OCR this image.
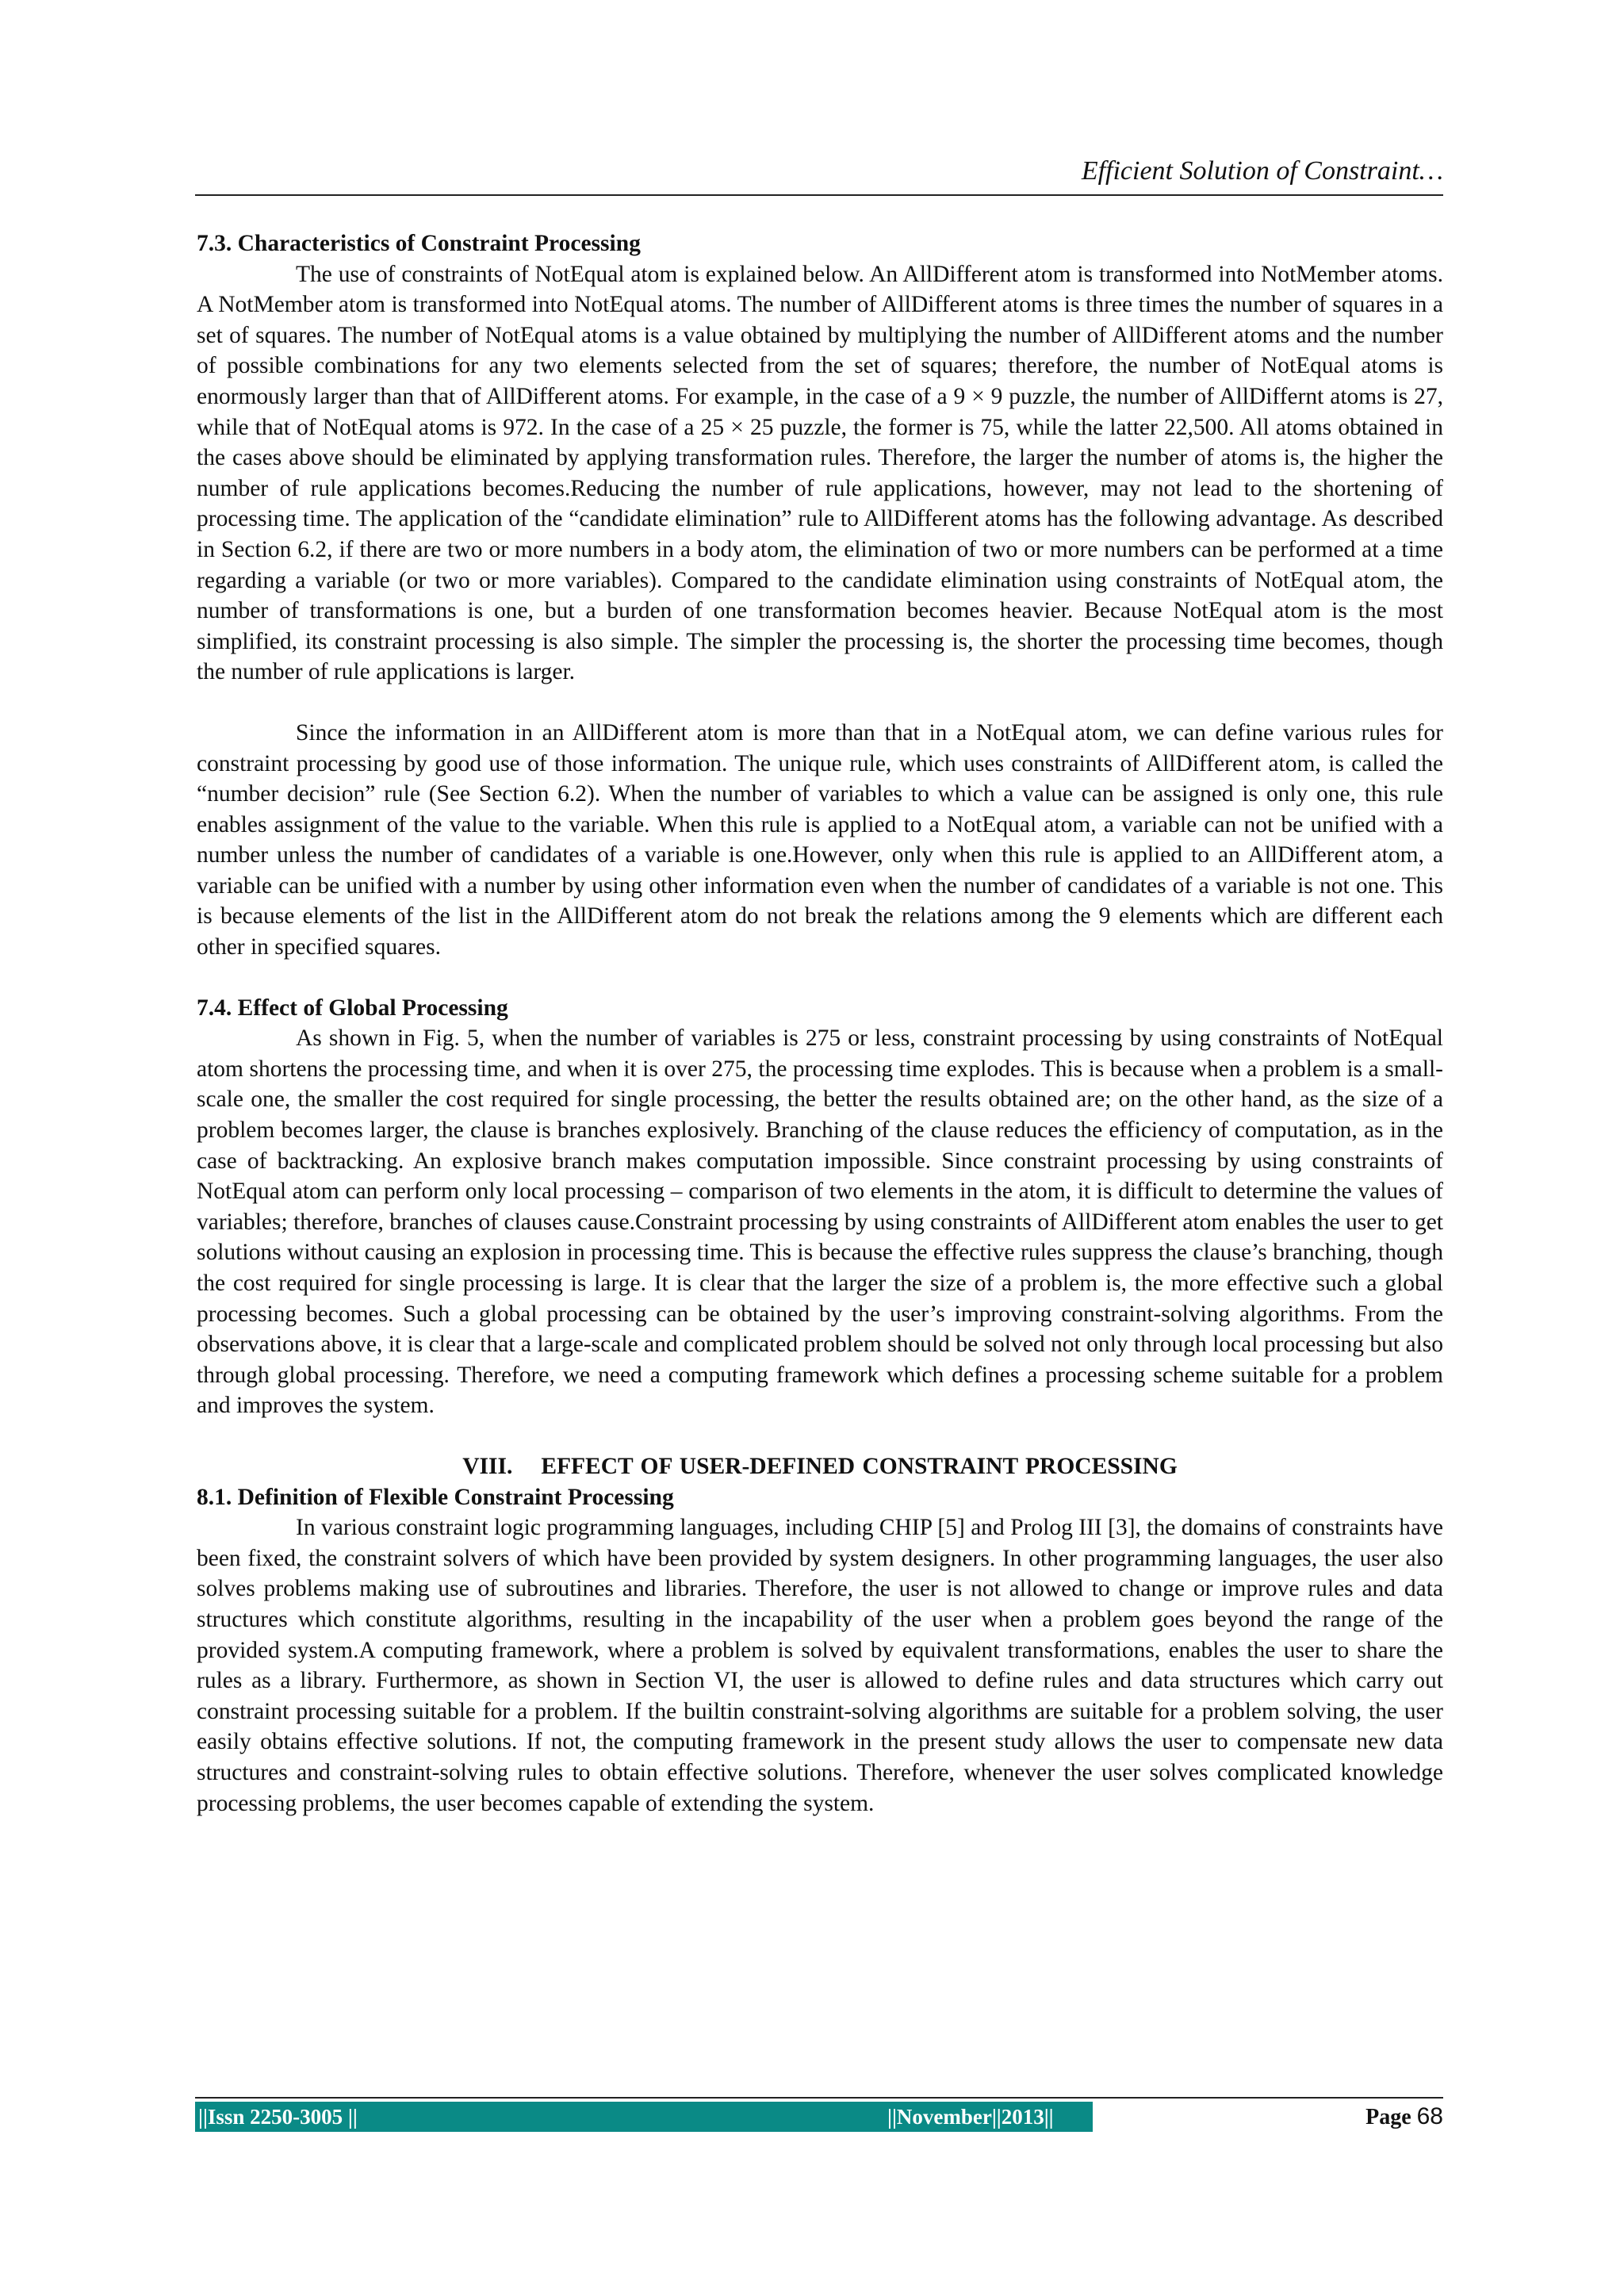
Efficient Solution of Constraint…
7.3. Characteristics of Constraint Processing

The use of constraints of NotEqual atom is explained below. An AllDifferent atom is transformed into NotMember atoms. A NotMember atom is transformed into NotEqual atoms. The number of AllDifferent atoms is three times the number of squares in a set of squares. The number of NotEqual atoms is a value obtained by multiplying the number of AllDifferent atoms and the number of possible combinations for any two elements selected from the set of squares; therefore, the number of NotEqual atoms is enormously larger than that of AllDifferent atoms. For example, in the case of a 9 × 9 puzzle, the number of AllDiffernt atoms is 27, while that of NotEqual atoms is 972. In the case of a 25 × 25 puzzle, the former is 75, while the latter 22,500. All atoms obtained in the cases above should be eliminated by applying transformation rules. Therefore, the larger the number of atoms is, the higher the number of rule applications becomes.Reducing the number of rule applications, however, may not lead to the shortening of processing time. The application of the “candidate elimination” rule to AllDifferent atoms has the following advantage. As described in Section 6.2, if there are two or more numbers in a body atom, the elimination of two or more numbers can be performed at a time regarding a variable (or two or more variables). Compared to the candidate elimination using constraints of NotEqual atom, the number of transformations is one, but a burden of one transformation becomes heavier. Because NotEqual atom is the most simplified, its constraint processing is also simple. The simpler the processing is, the shorter the processing time becomes, though the number of rule applications is larger.

Since the information in an AllDifferent atom is more than that in a NotEqual atom, we can define various rules for constraint processing by good use of those information. The unique rule, which uses constraints of AllDifferent atom, is called the “number decision” rule (See Section 6.2). When the number of variables to which a value can be assigned is only one, this rule enables assignment of the value to the variable. When this rule is applied to a NotEqual atom, a variable can not be unified with a number unless the number of candidates of a variable is one.However, only when this rule is applied to an AllDifferent atom, a variable can be unified with a number by using other information even when the number of candidates of a variable is not one. This is because elements of the list in the AllDifferent atom do not break the relations among the 9 elements which are different each other in specified squares.

7.4. Effect of Global Processing

As shown in Fig. 5, when the number of variables is 275 or less, constraint processing by using constraints of NotEqual atom shortens the processing time, and when it is over 275, the processing time explodes. This is because when a problem is a small-scale one, the smaller the cost required for single processing, the better the results obtained are; on the other hand, as the size of a problem becomes larger, the clause is branches explosively. Branching of the clause reduces the efficiency of computation, as in the case of backtracking. An explosive branch makes computation impossible. Since constraint processing by using constraints of NotEqual atom can perform only local processing – comparison of two elements in the atom, it is difficult to determine the values of variables; therefore, branches of clauses cause.Constraint processing by using constraints of AllDifferent atom enables the user to get solutions without causing an explosion in processing time. This is because the effective rules suppress the clause’s branching, though the cost required for single processing is large. It is clear that the larger the size of a problem is, the more effective such a global processing becomes. Such a global processing can be obtained by the user’s improving constraint-solving algorithms. From the observations above, it is clear that a large-scale and complicated problem should be solved not only through local processing but also through global processing. Therefore, we need a computing framework which defines a processing scheme suitable for a problem and improves the system.

VIII. EFFECT OF USER-DEFINED CONSTRAINT PROCESSING
8.1. Definition of Flexible Constraint Processing

In various constraint logic programming languages, including CHIP [5] and Prolog III [3], the domains of constraints have been fixed, the constraint solvers of which have been provided by system designers. In other programming languages, the user also solves problems making use of subroutines and libraries. Therefore, the user is not allowed to change or improve rules and data structures which constitute algorithms, resulting in the incapability of the user when a problem goes beyond the range of the provided system.A computing framework, where a problem is solved by equivalent transformations, enables the user to share the rules as a library. Furthermore, as shown in Section VI, the user is allowed to define rules and data structures which carry out constraint processing suitable for a problem. If the builtin constraint-solving algorithms are suitable for a problem solving, the user easily obtains effective solutions. If not, the computing framework in the present study allows the user to compensate new data structures and constraint-solving rules to obtain effective solutions. Therefore, whenever the user solves complicated knowledge processing problems, the user becomes capable of extending the system.

||Issn 2250-3005 ||	||November||2013||	Page 68
